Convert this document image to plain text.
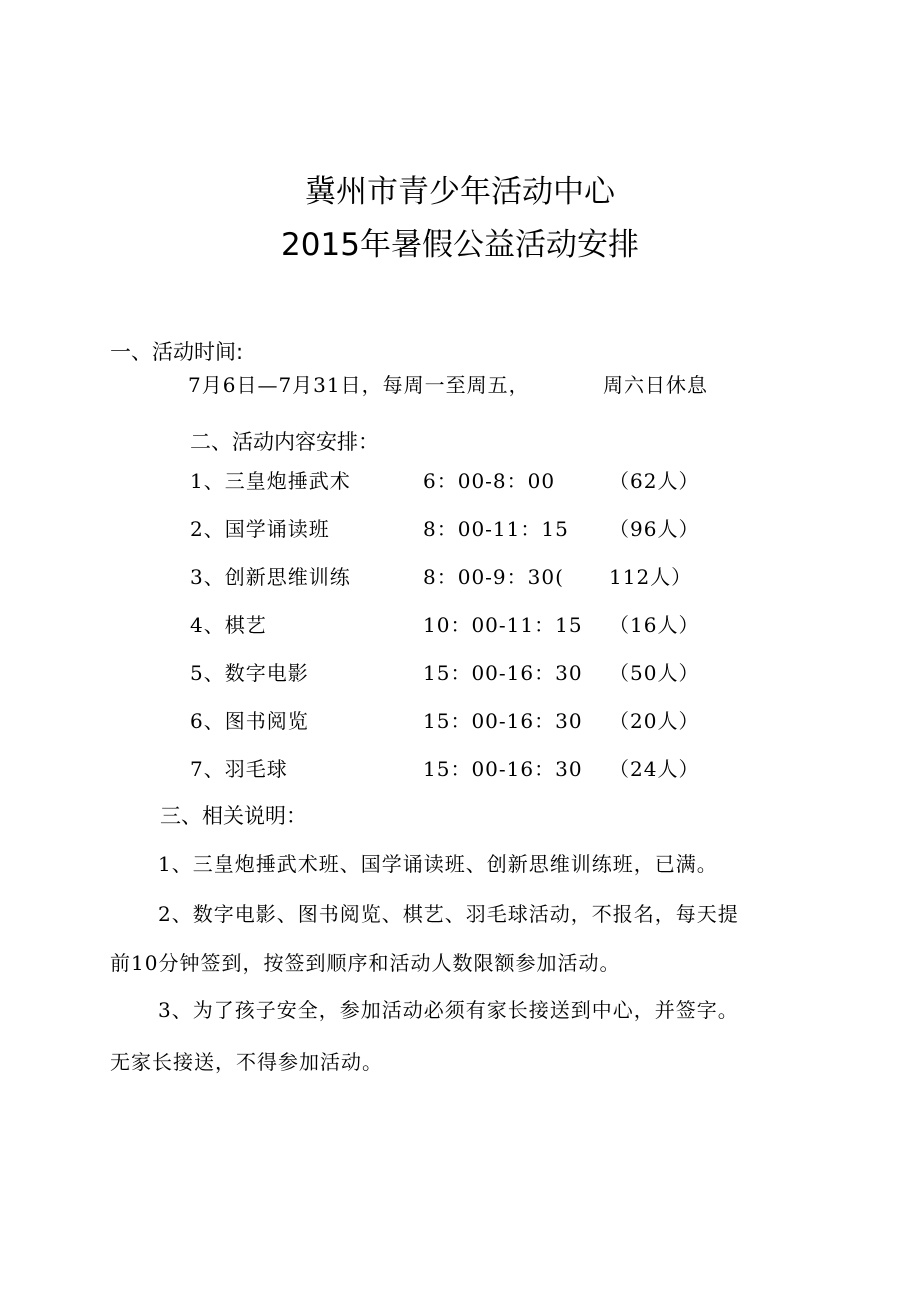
冀州市青少年活动中心
2015年暑假公益活动安排
一、活动时间:
7月6日—7月31日，每周一至周五，	周六日休息
二、活动内容安排：
1、三皇炮捶武术	6：00-8：00	（62人）
2、国学诵读班	8：00-11：15 （96人）
3、创新思维训练	8：00-9：30( 112人）
4、棋艺	10：00-11：15 （16人）
5、数字电影	15：00-16：30 （50人）
6、图书阅览	15：00-16：30 （20人）
7、羽毛球	15：00-16：30 （24人）
三、相关说明：
1、三皇炮捶武术班、国学诵读班、创新思维训练班，已满。
2、数字电影、图书阅览、棋艺、羽毛球活动，不报名，每天提
前10分钟签到，按签到顺序和活动人数限额参加活动。
3、为了孩子安全，参加活动必须有家长接送到中心，并签字。
无家长接送，不得参加活动。
